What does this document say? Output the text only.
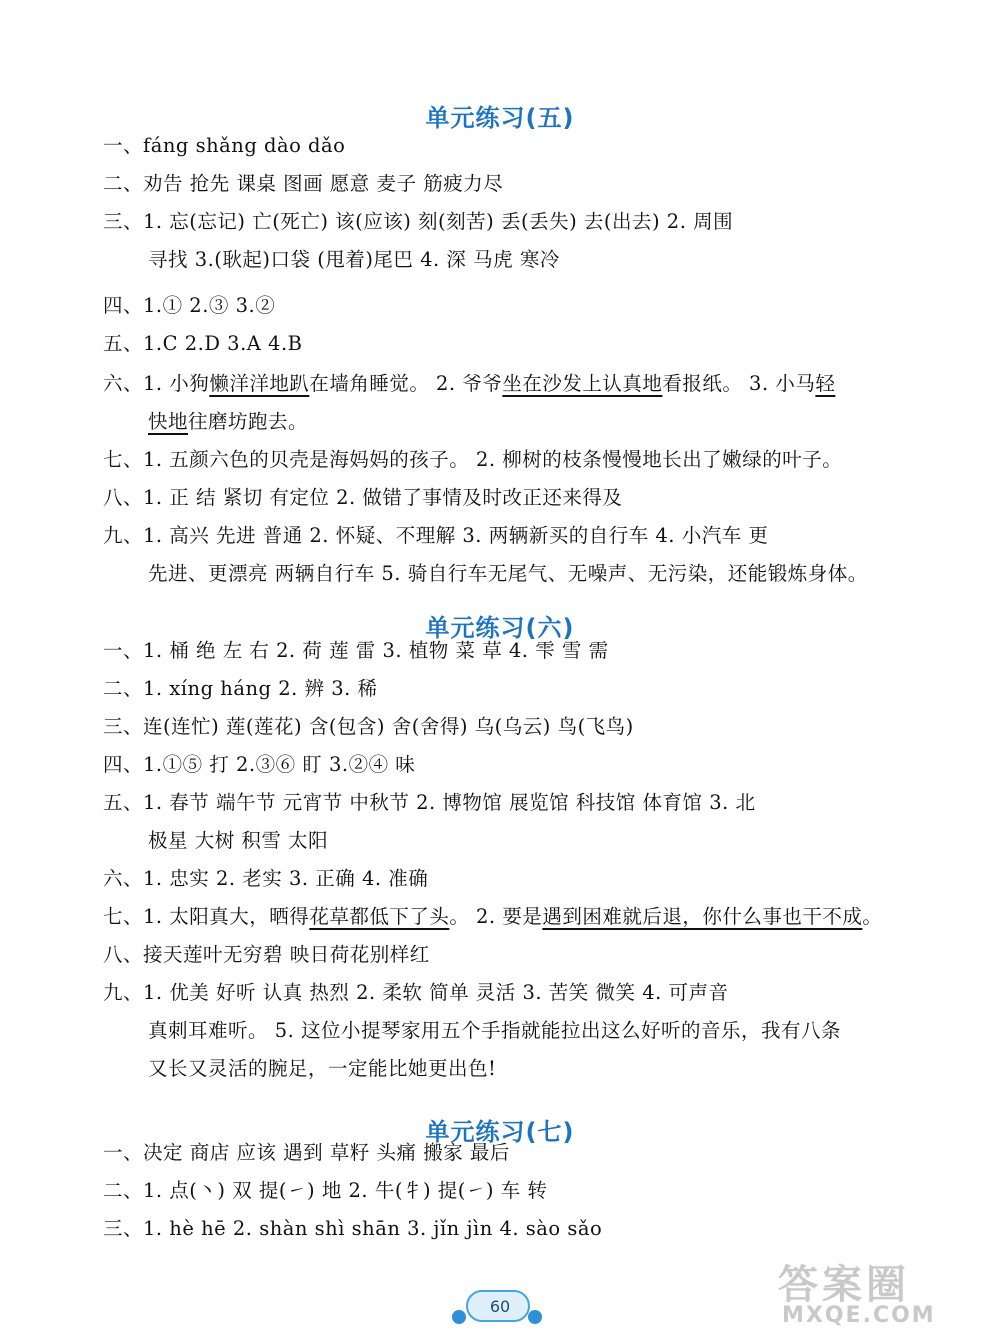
单元练习(五)
一、fáng shǎng dào dǎo
二、劝告 抢先 课桌 图画 愿意 麦子 筋疲力尽
三、1. 忘(忘记) 亡(死亡) 该(应该) 刻(刻苦) 丢(丢失) 去(出去) 2. 周围
寻找 3.(耿起)口袋 (甩着)尾巴 4. 深 马虎 寒冷
四、1.① 2.③ 3.②
五、1.C 2.D 3.A 4.B
六、1. 小狗懒洋洋地趴在墙角睡觉。 2. 爷爷坐在沙发上认真地看报纸。 3. 小马轻
快地往磨坊跑去。
七、1. 五颜六色的贝壳是海妈妈的孩子。 2. 柳树的枝条慢慢地长出了嫩绿的叶子。
八、1. 正 结 紧切 有定位 2. 做错了事情及时改正还来得及
九、1. 高兴 先进 普通 2. 怀疑、不理解 3. 两辆新买的自行车 4. 小汽车 更
先进、更漂亮 两辆自行车 5. 骑自行车无尾气、无噪声、无污染，还能锻炼身体。
单元练习(六)
一、1. 桶 绝 左 右 2. 荷 莲 雷 3. 植物 菜 草 4. 雫 雪 需
二、1. xíng háng 2. 辨 3. 稀
三、连(连忙) 莲(莲花) 含(包含) 舍(舍得) 乌(乌云) 鸟(飞鸟)
四、1.①⑤ 打 2.③⑥ 盯 3.②④ 味
五、1. 春节 端午节 元宵节 中秋节 2. 博物馆 展览馆 科技馆 体育馆 3. 北
极星 大树 积雪 太阳
六、1. 忠实 2. 老实 3. 正确 4. 准确
七、1. 太阳真大，晒得花草都低下了头。 2. 要是遇到困难就后退，你什么事也干不成。
八、接天莲叶无穷碧 映日荷花别样红
九、1. 优美 好听 认真 热烈 2. 柔软 简单 灵活 3. 苦笑 微笑 4. 可声音
真刺耳难听。 5. 这位小提琴家用五个手指就能拉出这么好听的音乐，我有八条
又长又灵活的腕足，一定能比她更出色!
单元练习(七)
一、决定 商店 应该 遇到 草籽 头痛 搬家 最后
二、1. 点(丶) 双 提(㇀) 地 2. 牛(牜) 提(㇀) 车 转
三、1. hè hē 2. shàn shì shān 3. jǐn jìn 4. sào sǎo
60	答案圈
MXQE.COM
